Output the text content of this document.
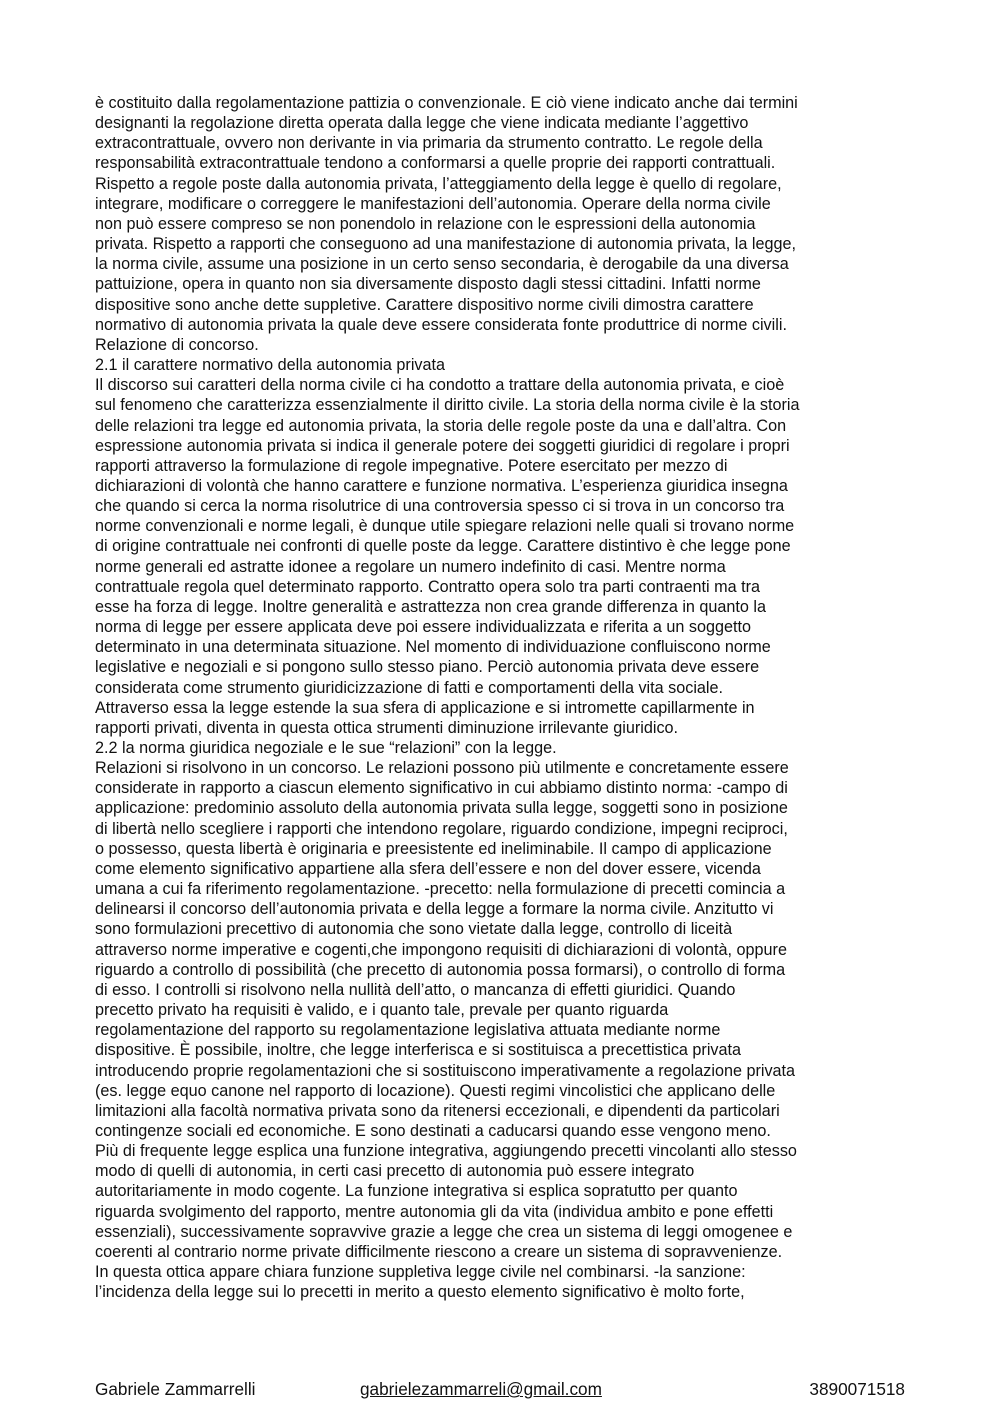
è costituito dalla regolamentazione pattizia o convenzionale. E ciò viene indicato anche dai termini
designanti la regolazione diretta operata dalla legge che viene indicata mediante l’aggettivo
extracontrattuale, ovvero non derivante in via primaria da strumento contratto. Le regole della
responsabilità extracontrattuale tendono a conformarsi a quelle proprie dei rapporti contrattuali.
Rispetto a regole poste dalla autonomia privata, l’atteggiamento della legge è quello di regolare,
integrare, modificare o correggere le manifestazioni dell’autonomia. Operare della norma civile
non può essere compreso se non ponendolo in relazione con le espressioni della autonomia
privata. Rispetto a rapporti che conseguono ad una manifestazione di autonomia privata, la legge,
la norma civile, assume una posizione in un certo senso secondaria, è derogabile da una diversa
pattuizione, opera in quanto non sia diversamente disposto dagli stessi cittadini. Infatti norme
dispositive sono anche dette suppletive. Carattere dispositivo norme civili dimostra carattere
normativo di autonomia privata la quale deve essere considerata fonte produttrice di norme civili.
Relazione di concorso.
2.1 il carattere normativo della autonomia privata
Il discorso sui caratteri della norma civile ci ha condotto a trattare della autonomia privata, e cioè
sul fenomeno che caratterizza essenzialmente il diritto civile. La storia della norma civile è la storia
delle relazioni tra legge ed autonomia privata, la storia delle regole poste da una e dall’altra. Con
espressione autonomia privata si indica il generale potere dei soggetti giuridici di regolare i propri
rapporti attraverso la formulazione di regole impegnative. Potere esercitato per mezzo di
dichiarazioni di volontà che hanno carattere e funzione normativa. L’esperienza giuridica insegna
che quando si cerca la norma risolutrice di una controversia spesso ci si trova in un concorso tra
norme convenzionali e norme legali, è dunque utile spiegare relazioni nelle quali si trovano norme
di origine contrattuale nei confronti di quelle poste da legge. Carattere distintivo è che legge pone
norme generali ed astratte idonee a regolare un numero indefinito di casi. Mentre norma
contrattuale regola quel determinato rapporto. Contratto opera solo tra parti contraenti ma tra
esse ha forza di legge. Inoltre generalità e astrattezza non crea grande differenza in quanto la
norma di legge per essere applicata deve poi essere individualizzata e riferita a un soggetto
determinato in una determinata situazione. Nel momento di individuazione confluiscono norme
legislative e negoziali e si pongono sullo stesso piano. Perciò autonomia privata deve essere
considerata come strumento giuridicizzazione di fatti e comportamenti della vita sociale.
Attraverso essa la legge estende la sua sfera di applicazione e si intromette capillarmente in
rapporti privati, diventa in questa ottica strumenti diminuzione irrilevante giuridico.
2.2 la norma giuridica negoziale e le sue “relazioni” con la legge.
Relazioni si risolvono in un concorso. Le relazioni possono più utilmente e concretamente essere
considerate in rapporto a ciascun elemento significativo in cui abbiamo distinto norma: -campo di
applicazione: predominio assoluto della autonomia privata sulla legge, soggetti sono in posizione
di libertà nello scegliere i rapporti che intendono regolare, riguardo condizione, impegni reciproci,
o possesso, questa libertà è originaria e preesistente ed ineliminabile. Il campo di applicazione
come elemento significativo appartiene alla sfera dell’essere e non del dover essere, vicenda
umana a cui fa riferimento regolamentazione. -precetto: nella formulazione di precetti comincia a
delinearsi il concorso dell’autonomia privata e della legge a formare la norma civile. Anzitutto vi
sono formulazioni precettivo di autonomia che sono vietate dalla legge, controllo di liceità
attraverso norme imperative e cogenti,che impongono requisiti di dichiarazioni di volontà, oppure
riguardo a controllo di possibilità (che precetto di autonomia possa formarsi), o controllo di forma
di esso. I controlli si risolvono nella nullità dell’atto, o mancanza di effetti giuridici. Quando
precetto privato ha requisiti è valido, e i quanto tale, prevale per quanto riguarda
regolamentazione del rapporto su regolamentazione legislativa attuata mediante norme
dispositive. È possibile, inoltre, che legge interferisca e si sostituisca a precettistica privata
introducendo proprie regolamentazioni che si sostituiscono imperativamente a regolazione privata
(es. legge equo canone nel rapporto di locazione). Questi regimi vincolistici che applicano delle
limitazioni alla facoltà normativa privata sono da ritenersi eccezionali, e dipendenti da particolari
contingenze sociali ed economiche. E sono destinati a caducarsi quando esse vengono meno.
Più di frequente legge esplica una funzione integrativa, aggiungendo precetti vincolanti allo stesso
modo di quelli di autonomia, in certi casi precetto di autonomia può essere integrato
autoritariamente in modo cogente. La funzione integrativa si esplica sopratutto per quanto
riguarda svolgimento del rapporto, mentre autonomia gli da vita (individua ambito e pone effetti
essenziali), successivamente sopravvive grazie a legge che crea un sistema di leggi omogenee e
coerenti al contrario norme private difficilmente riescono a creare un sistema di sopravvenienze.
In questa ottica appare chiara funzione suppletiva legge civile nel combinarsi. -la sanzione:
l’incidenza della legge sui lo precetti in merito a questo elemento significativo è molto forte,
Gabriele Zammarrelli	gabrielezammarreli@gmail.com	3890071518
